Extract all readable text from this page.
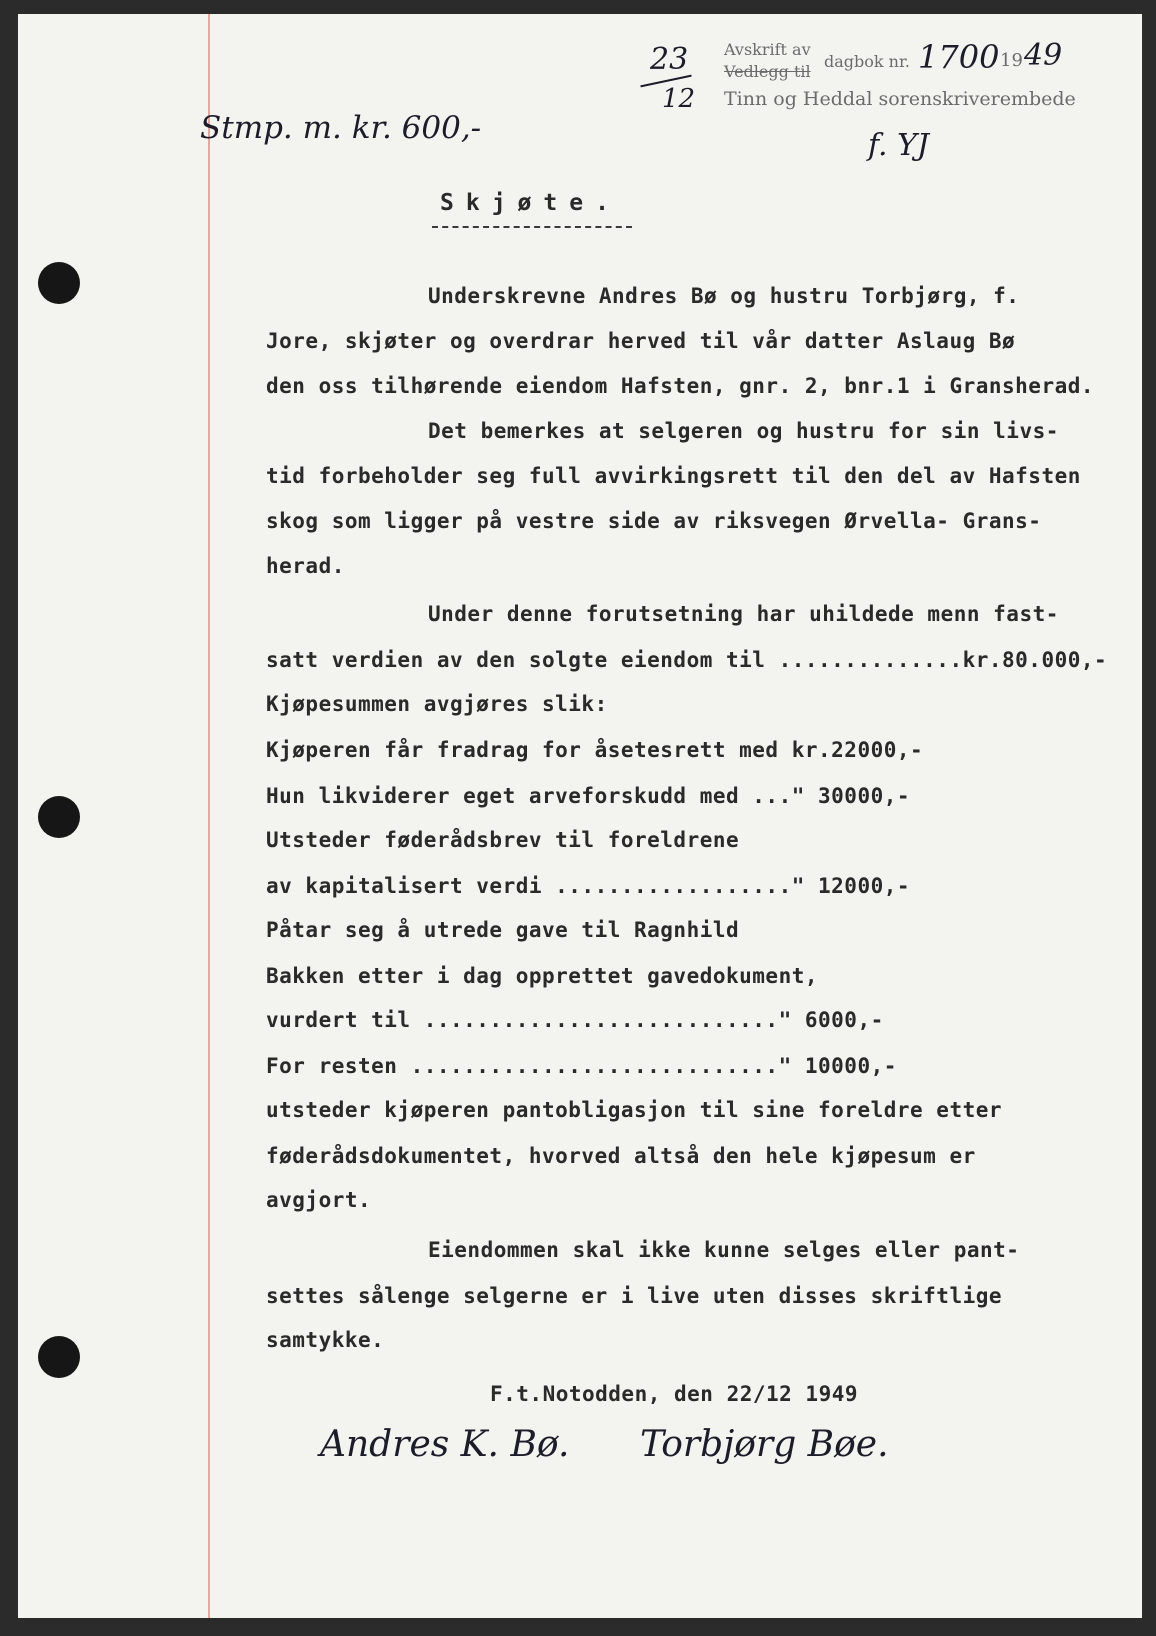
23
12
Avskrift av
Vedlegg til
dagbok nr. 1700 19 49
Tinn og Heddal sorenskriverembede
f. YJ
Stmp. m. kr. 600,-
Skjøte.
Underskrevne Andres Bø og hustru Torbjørg, f.
Jore, skjøter og overdrar herved til vår datter Aslaug Bø
den oss tilhørende eiendom Hafsten, gnr. 2, bnr.1 i Gransherad.
Det bemerkes at selgeren og hustru for sin livs-
tid forbeholder seg full avvirkingsrett til den del av Hafsten
skog som ligger på vestre side av riksvegen Ørvella- Grans-
herad.
Under denne forutsetning har uhildede menn fast-
satt verdien av den solgte eiendom til ..............kr.80.000,-
Kjøpesummen avgjøres slik:
Kjøperen får fradrag for åsetesrett med kr.22000,-
Hun likviderer eget arveforskudd med ..." 30000,-
Utsteder føderådsbrev til foreldrene
av kapitalisert verdi .................." 12000,-
Påtar seg å utrede gave til Ragnhild
Bakken etter i dag opprettet gavedokument,
vurdert til ..........................." 6000,-
For resten ............................" 10000,-
utsteder kjøperen pantobligasjon til sine foreldre etter
føderådsdokumentet, hvorved altså den hele kjøpesum er
avgjort.
Eiendommen skal ikke kunne selges eller pant-
settes sålenge selgerne er i live uten disses skriftlige
samtykke.
F.t.Notodden, den 22/12 1949
Andres K. Bø. Torbjørg Bøe.
